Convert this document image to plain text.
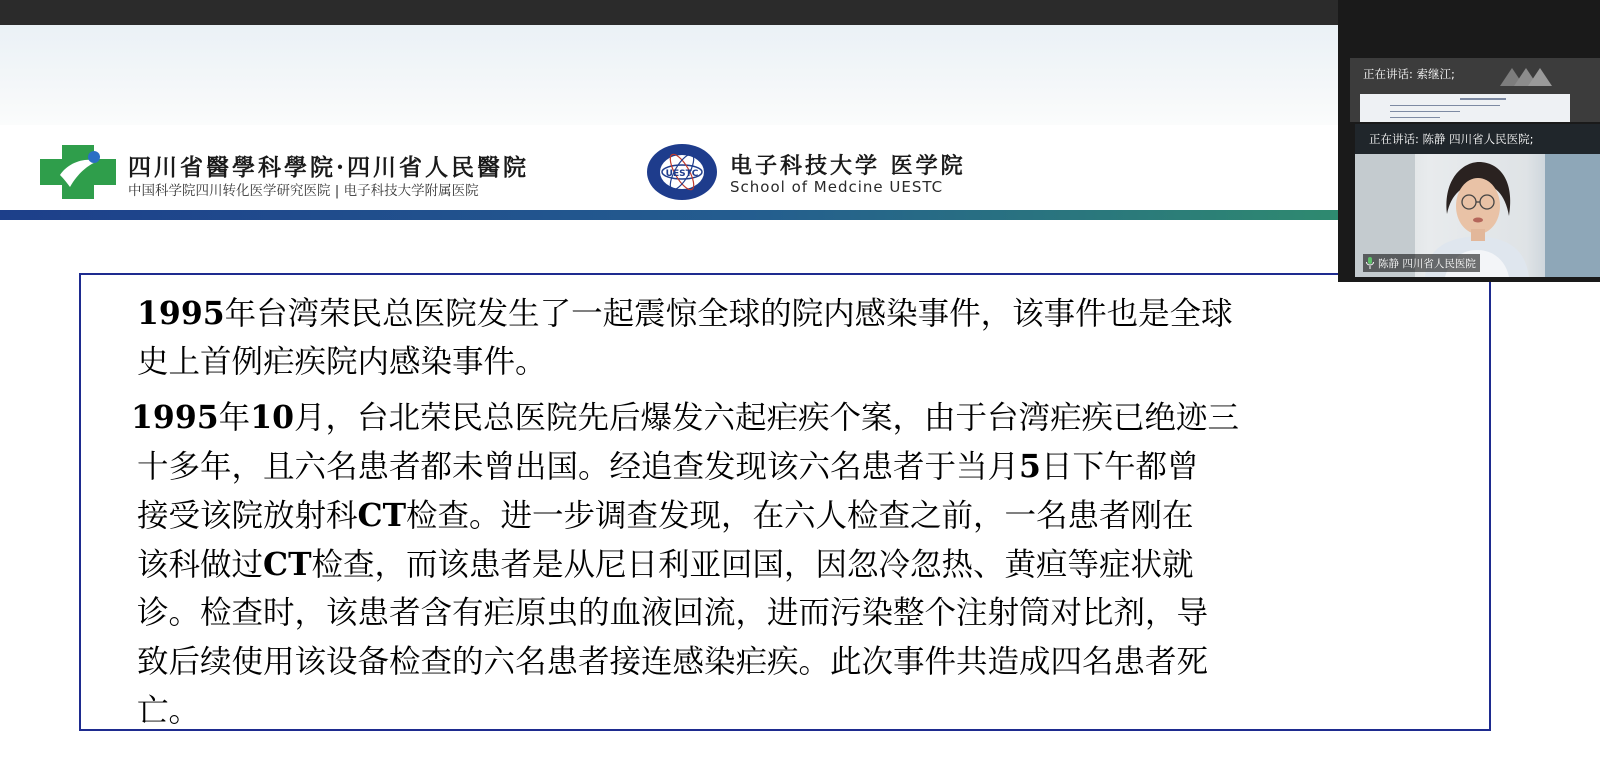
四川省醫學科學院·四川省人民醫院
中国科学院四川转化医学研究医院 | 电子科技大学附属医院
UESTC 电子科技大学 医学院
School of Medcine UESTC
1995年台湾荣民总医院发生了一起震惊全球的院内感染事件，该事件也是全球
史上首例疟疾院内感染事件。
1995年10月，台北荣民总医院先后爆发六起疟疾个案，由于台湾疟疾已绝迹三
十多年，且六名患者都未曾出国。经追查发现该六名患者于当月5日下午都曾
接受该院放射科CT检查。进一步调查发现，在六人检查之前，一名患者刚在
该科做过CT检查，而该患者是从尼日利亚回国，因忽冷忽热、黄疸等症状就
诊。检查时，该患者含有疟原虫的血液回流，进而污染整个注射筒对比剂，导
致后续使用该设备检查的六名患者接连感染疟疾。此次事件共造成四名患者死
亡。
正在讲话: 索继江;
正在讲话: 陈静 四川省人民医院;
陈静 四川省人民医院
